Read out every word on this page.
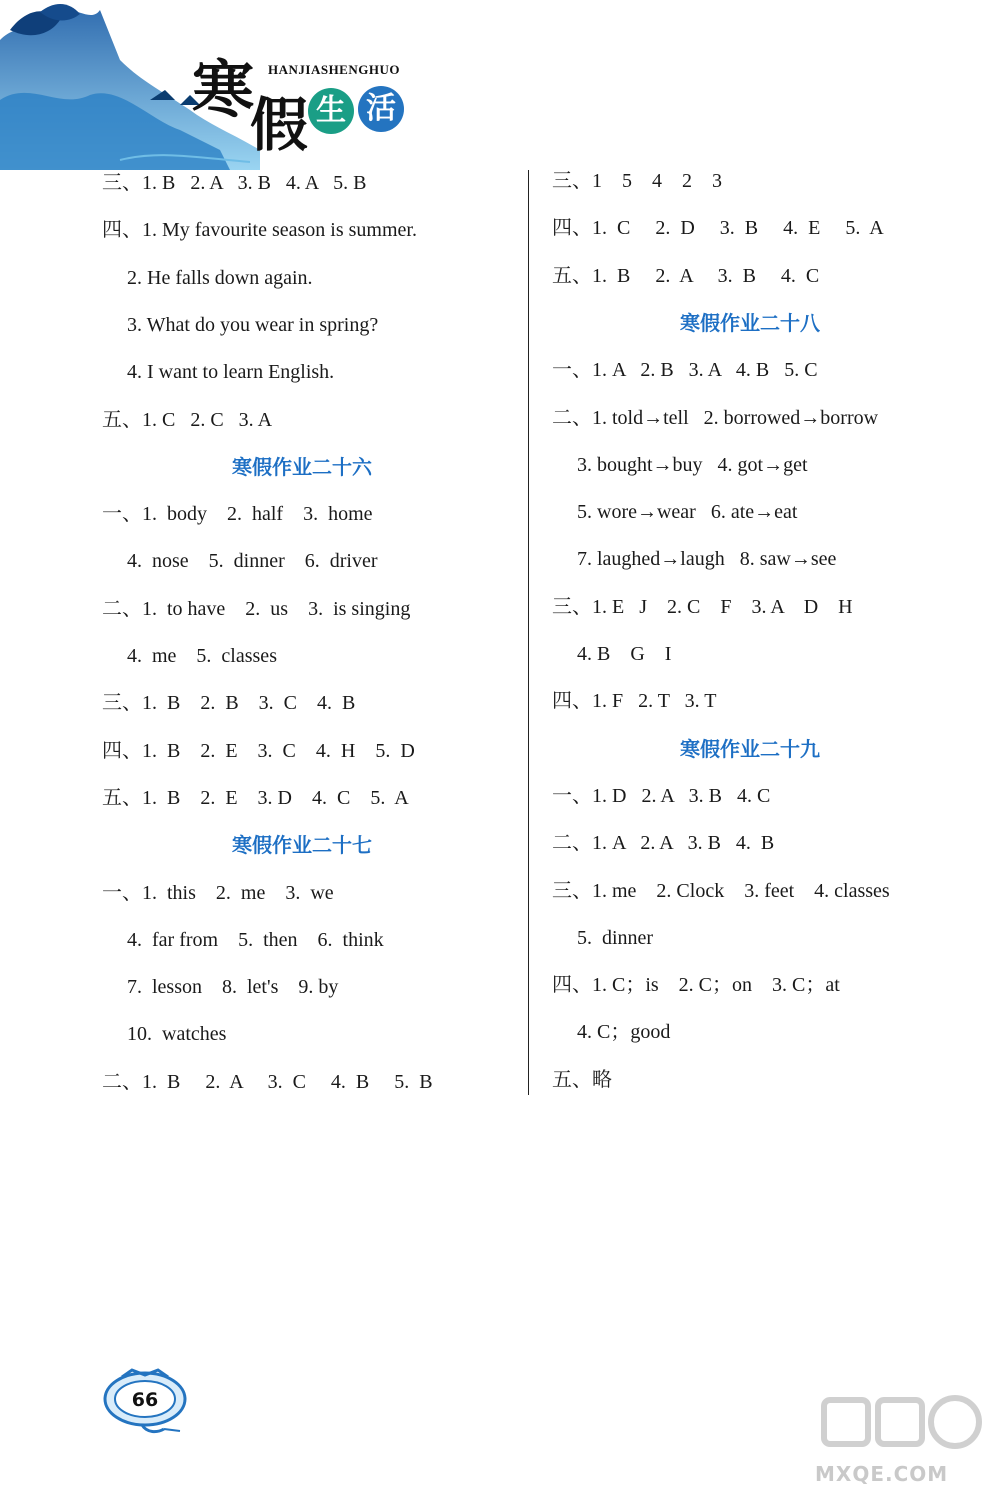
寒 HANJIASHENGHUO
假 生 活
三、1. B   2. A   3. B   4. A   5. B
四、1. My favourite season is summer.
2. He falls down again.
3. What do you wear in spring?
4. I want to learn English.
五、1. C   2. C   3. A
寒假作业二十六
一、1.  body    2.  half    3.  home
4.  nose    5.  dinner    6.  driver
二、1.  to have    2.  us    3.  is singing
4.  me    5.  classes
三、1.  B    2.  B    3.  C    4.  B
四、1.  B    2.  E    3.  C    4.  H    5.  D
五、1.  B    2.  E    3. D    4.  C    5.  A
寒假作业二十七
一、1.  this    2.  me    3.  we
4.  far from    5.  then    6.  think
7.  lesson    8.  let's    9. by
10.  watches
二、1.  B     2.  A     3.  C     4.  B     5.  B
三、1    5    4    2    3
四、1.  C     2.  D     3.  B     4.  E     5.  A
五、1.  B     2.  A     3.  B     4.  C
寒假作业二十八
一、1. A   2. B   3. A   4. B   5. C
二、1. told→tell   2. borrowed→borrow
3. bought→buy   4. got→get
5. wore→wear   6. ate→eat
7. laughed→laugh   8. saw→see
三、1. E   J    2. C    F    3. A    D    H
4. B    G    I
四、1. F   2. T   3. T
寒假作业二十九
一、1. D   2. A   3. B   4. C
二、1. A   2. A   3. B   4.  B
三、1. me    2. Clock    3. feet    4. classes
5.  dinner
四、1. C；is    2. C；on    3. C；at
4. C；good
五、略
66
MXQE.COM
